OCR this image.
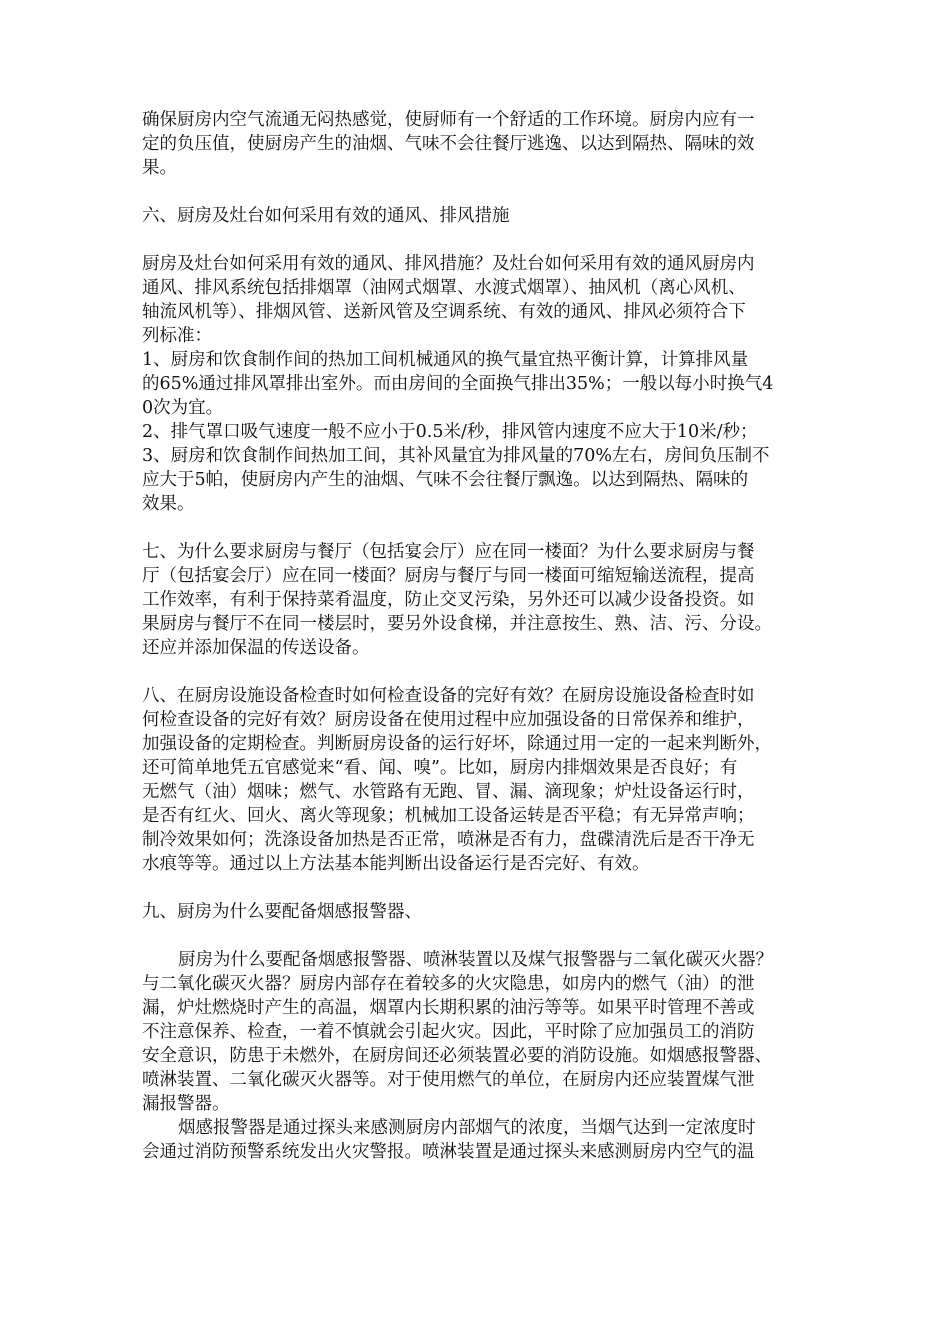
确保厨房内空气流通无闷热感觉，使厨师有一个舒适的工作环境。厨房内应有一
定的负压值，使厨房产生的油烟、气味不会往餐厅逃逸、以达到隔热、隔味的效
果。
六、厨房及灶台如何采用有效的通风、排风措施
厨房及灶台如何采用有效的通风、排风措施？及灶台如何采用有效的通风厨房内
通风、排风系统包括排烟罩（油网式烟罩、水渡式烟罩）、抽风机（离心风机、
轴流风机等）、排烟风管、送新风管及空调系统、有效的通风、排风必须符合下
列标准：
1、厨房和饮食制作间的热加工间机械通风的换气量宜热平衡计算，计算排风量
的65%通过排风罩排出室外。而由房间的全面换气排出35%；一般以每小时换气4
0次为宜。
2、排气罩口吸气速度一般不应小于0.5米/秒，排风管内速度不应大于10米/秒；
3、厨房和饮食制作间热加工间，其补风量宜为排风量的70%左右，房间负压制不
应大于5帕，使厨房内产生的油烟、气味不会往餐厅飘逸。以达到隔热、隔味的
效果。
七、为什么要求厨房与餐厅（包括宴会厅）应在同一楼面？为什么要求厨房与餐
厅（包括宴会厅）应在同一楼面？厨房与餐厅与同一楼面可缩短输送流程，提高
工作效率，有利于保持菜肴温度，防止交叉污染，另外还可以减少设备投资。如
果厨房与餐厅不在同一楼层时，要另外设食梯，并注意按生、熟、洁、污、分设。
还应并添加保温的传送设备。
八、在厨房设施设备检查时如何检查设备的完好有效？在厨房设施设备检查时如
何检查设备的完好有效？厨房设备在使用过程中应加强设备的日常保养和维护，
加强设备的定期检查。判断厨房设备的运行好坏，除通过用一定的一起来判断外，
还可简单地凭五官感觉来“看、闻、嗅”。比如，厨房内排烟效果是否良好；有
无燃气（油）烟味；燃气、水管路有无跑、冒、漏、滴现象；炉灶设备运行时，
是否有红火、回火、离火等现象；机械加工设备运转是否平稳；有无异常声响；
制冷效果如何；洗涤设备加热是否正常，喷淋是否有力，盘碟清洗后是否干净无
水痕等等。通过以上方法基本能判断出设备运行是否完好、有效。
九、厨房为什么要配备烟感报警器、
厨房为什么要配备烟感报警器、喷淋装置以及煤气报警器与二氧化碳灭火器？
与二氧化碳灭火器？厨房内部存在着较多的火灾隐患，如房内的燃气（油）的泄
漏，炉灶燃烧时产生的高温，烟罩内长期积累的油污等等。如果平时管理不善或
不注意保养、检查，一着不慎就会引起火灾。因此，平时除了应加强员工的消防
安全意识，防患于未燃外，在厨房间还必须装置必要的消防设施。如烟感报警器、
喷淋装置、二氧化碳灭火器等。对于使用燃气的单位，在厨房内还应装置煤气泄
漏报警器。
烟感报警器是通过探头来感测厨房内部烟气的浓度，当烟气达到一定浓度时
会通过消防预警系统发出火灾警报。喷淋装置是通过探头来感测厨房内空气的温
